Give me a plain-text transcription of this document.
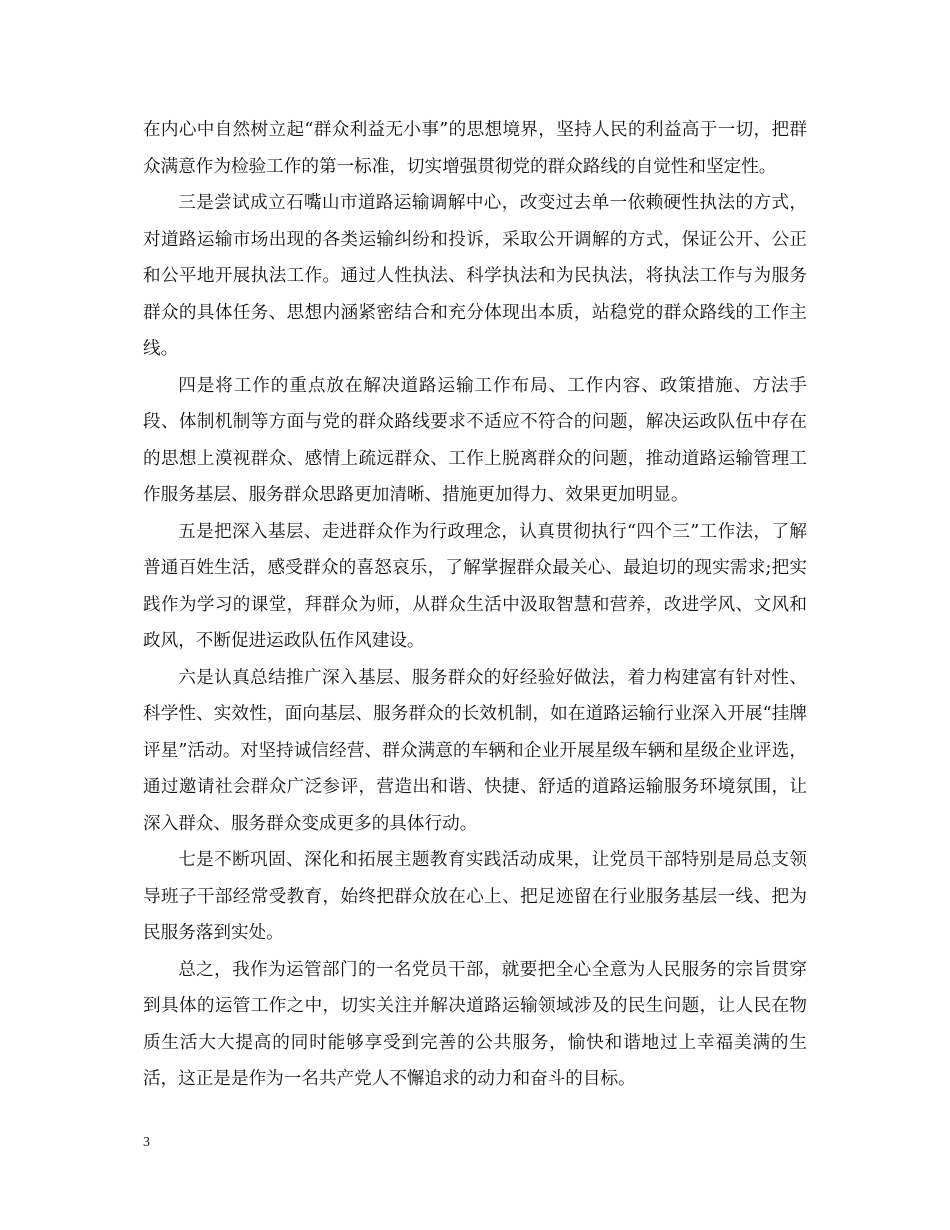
在内心中自然树立起“群众利益无小事”的思想境界，坚持人民的利益高于一切，把群众满意作为检验工作的第一标准，切实增强贯彻党的群众路线的自觉性和坚定性。

三是尝试成立石嘴山市道路运输调解中心，改变过去单一依赖硬性执法的方式，对道路运输市场出现的各类运输纠纷和投诉，采取公开调解的方式，保证公开、公正和公平地开展执法工作。通过人性执法、科学执法和为民执法，将执法工作与为服务群众的具体任务、思想内涵紧密结合和充分体现出本质，站稳党的群众路线的工作主线。

四是将工作的重点放在解决道路运输工作布局、工作内容、政策措施、方法手段、体制机制等方面与党的群众路线要求不适应不符合的问题，解决运政队伍中存在的思想上漠视群众、感情上疏远群众、工作上脱离群众的问题，推动道路运输管理工作服务基层、服务群众思路更加清晰、措施更加得力、效果更加明显。

五是把深入基层、走进群众作为行政理念，认真贯彻执行“四个三”工作法，了解普通百姓生活，感受群众的喜怒哀乐，了解掌握群众最关心、最迫切的现实需求;把实践作为学习的课堂，拜群众为师，从群众生活中汲取智慧和营养，改进学风、文风和政风，不断促进运政队伍作风建设。

六是认真总结推广深入基层、服务群众的好经验好做法，着力构建富有针对性、科学性、实效性，面向基层、服务群众的长效机制，如在道路运输行业深入开展“挂牌评星”活动。对坚持诚信经营、群众满意的车辆和企业开展星级车辆和星级企业评选，通过邀请社会群众广泛参评，营造出和谐、快捷、舒适的道路运输服务环境氛围，让深入群众、服务群众变成更多的具体行动。

七是不断巩固、深化和拓展主题教育实践活动成果，让党员干部特别是局总支领导班子干部经常受教育，始终把群众放在心上、把足迹留在行业服务基层一线、把为民服务落到实处。

总之，我作为运管部门的一名党员干部，就要把全心全意为人民服务的宗旨贯穿到具体的运管工作之中，切实关注并解决道路运输领域涉及的民生问题，让人民在物质生活大大提高的同时能够享受到完善的公共服务，愉快和谐地过上幸福美满的生活，这正是是作为一名共产党人不懈追求的动力和奋斗的目标。

3
